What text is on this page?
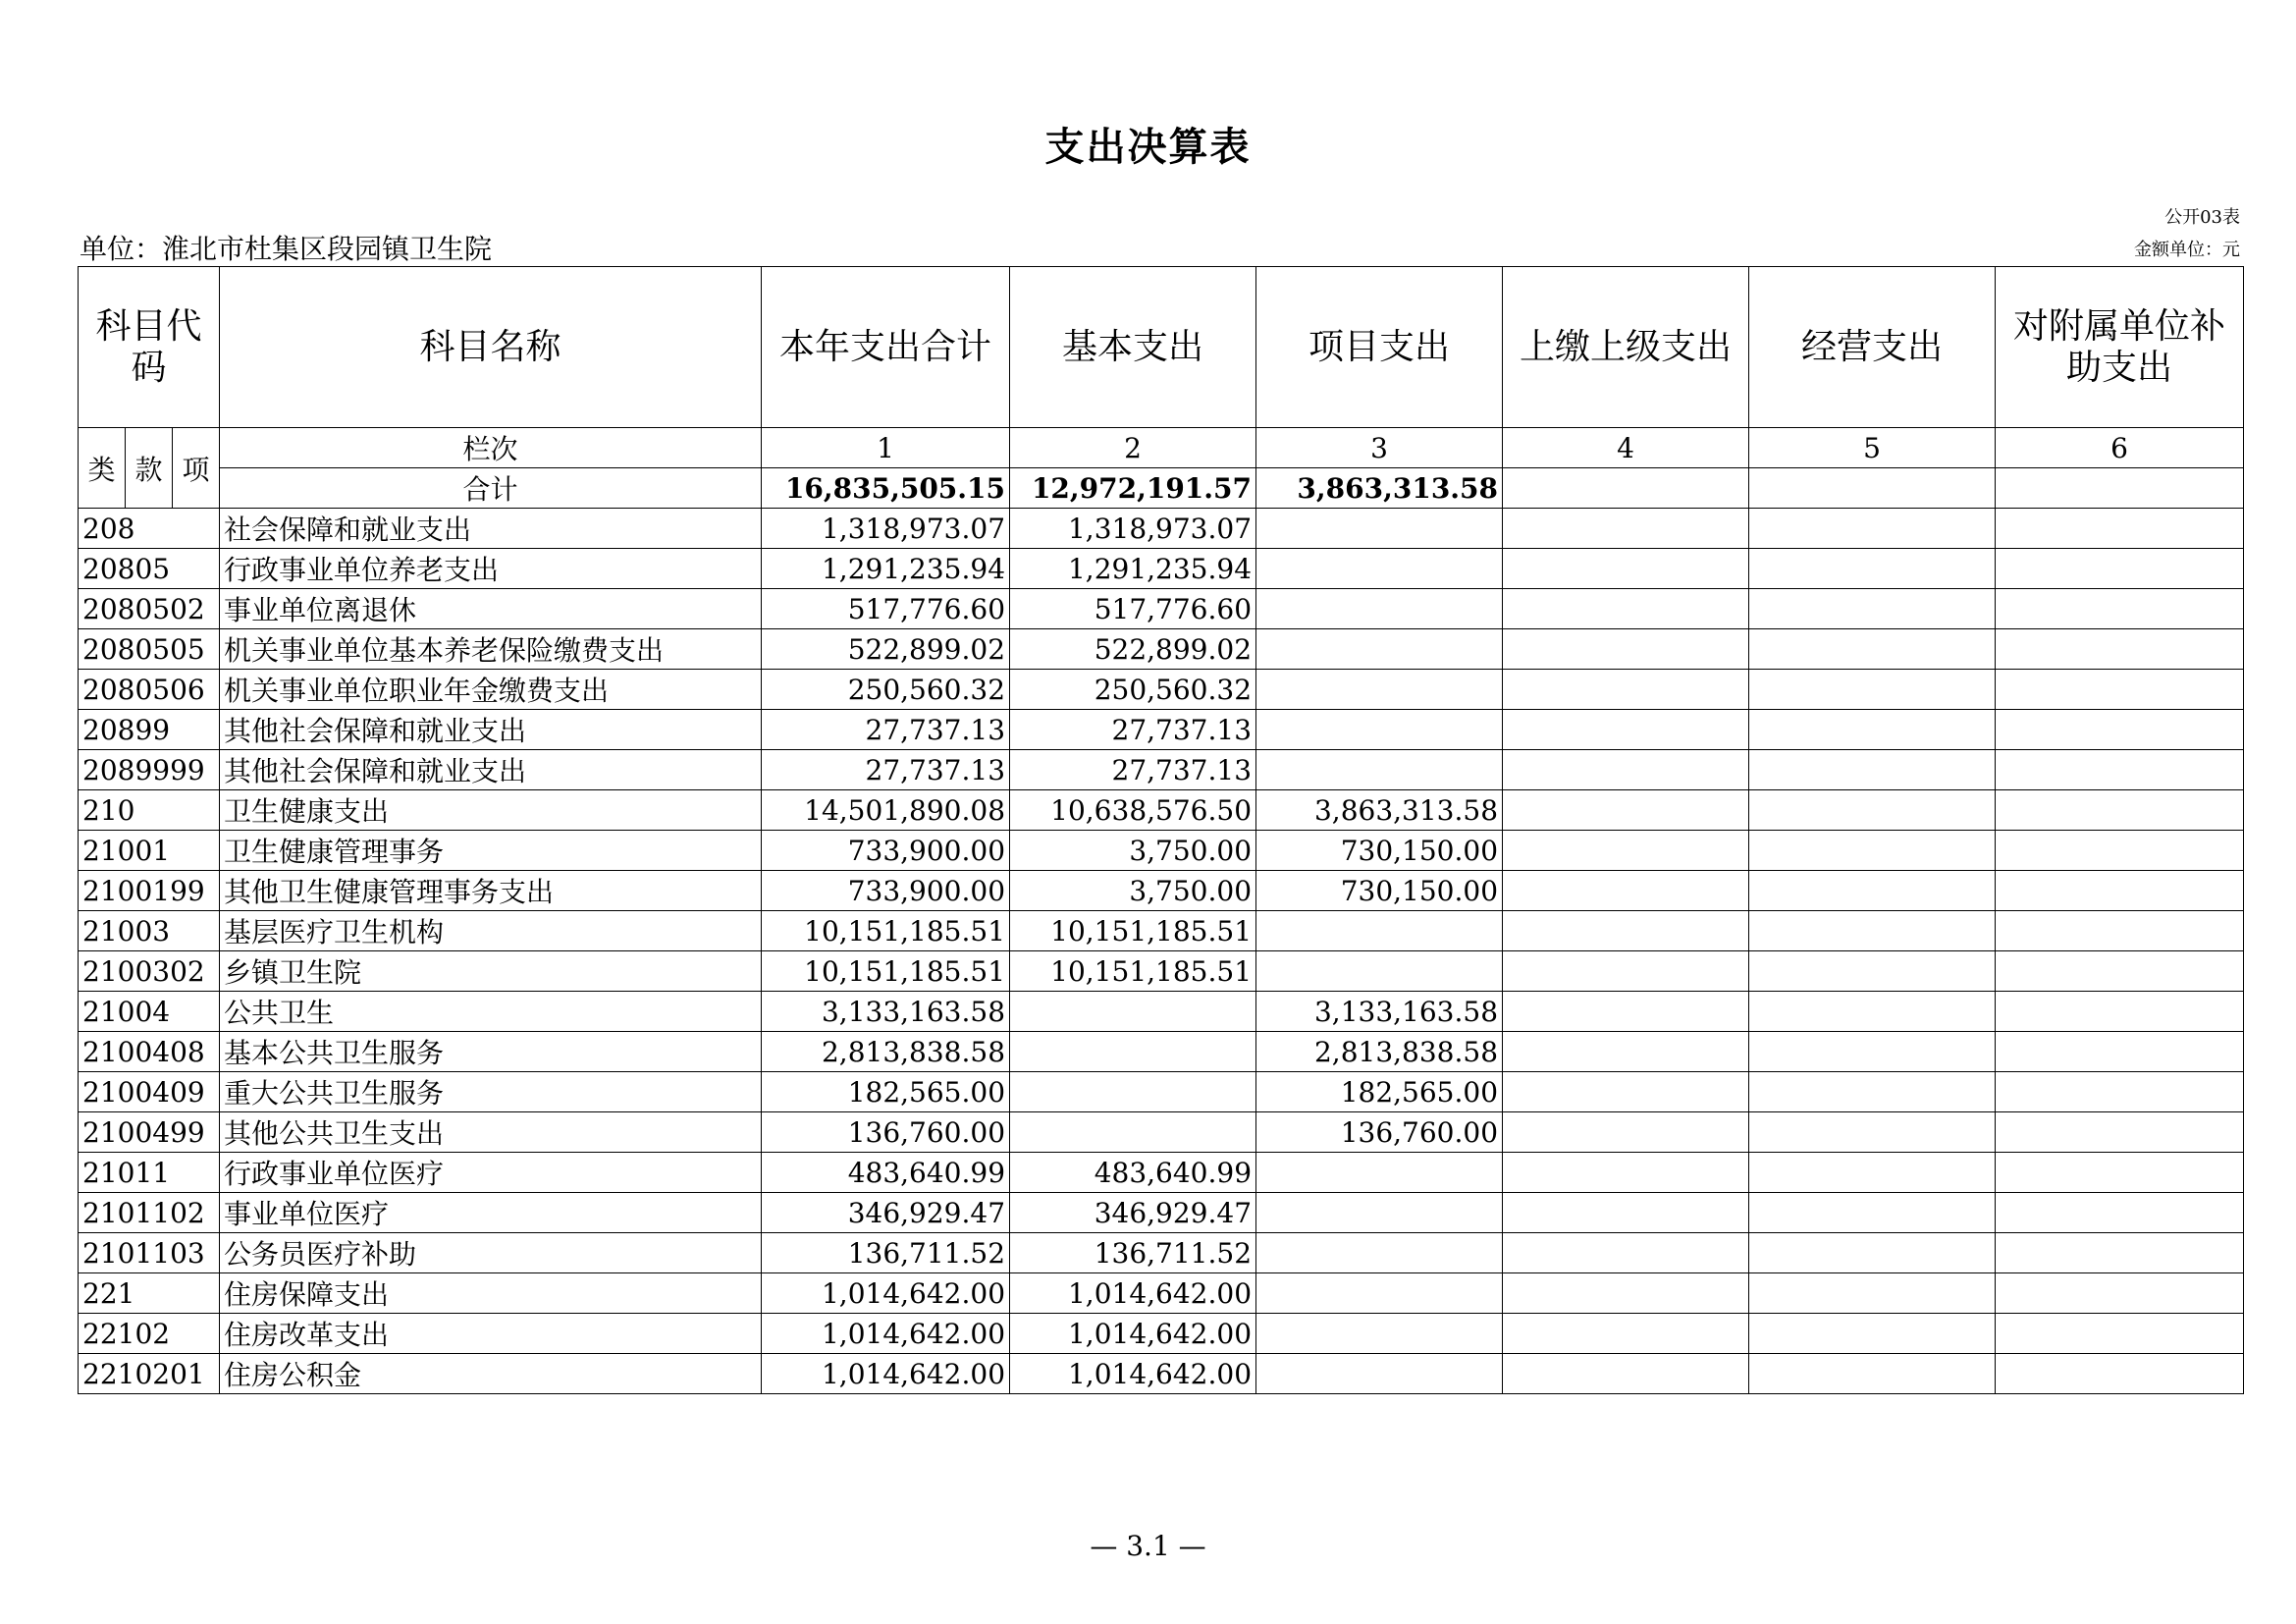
支出决算表
公开03表
单位：淮北市杜集区段园镇卫生院	金额单位：元
科目代码			科目名称	本年支出合计	基本支出	项目支出	上缴上级支出	经营支出	对附属单位补助支出
类	款	项	栏次	1	2	3	4	5	6
			合计	16,835,505.15	12,972,191.57	3,863,313.58			
208			社会保障和就业支出	1,318,973.07	1,318,973.07				
20805			行政事业单位养老支出	1,291,235.94	1,291,235.94				
2080502			事业单位离退休	517,776.60	517,776.60				
2080505			机关事业单位基本养老保险缴费支出	522,899.02	522,899.02				
2080506			机关事业单位职业年金缴费支出	250,560.32	250,560.32				
20899			其他社会保障和就业支出	27,737.13	27,737.13				
2089999			其他社会保障和就业支出	27,737.13	27,737.13				
210			卫生健康支出	14,501,890.08	10,638,576.50	3,863,313.58			
21001			卫生健康管理事务	733,900.00	3,750.00	730,150.00			
2100199			其他卫生健康管理事务支出	733,900.00	3,750.00	730,150.00			
21003			基层医疗卫生机构	10,151,185.51	10,151,185.51				
2100302			乡镇卫生院	10,151,185.51	10,151,185.51				
21004			公共卫生	3,133,163.58		3,133,163.58			
2100408			基本公共卫生服务	2,813,838.58		2,813,838.58			
2100409			重大公共卫生服务	182,565.00		182,565.00			
2100499			其他公共卫生支出	136,760.00		136,760.00			
21011			行政事业单位医疗	483,640.99	483,640.99				
2101102			事业单位医疗	346,929.47	346,929.47				
2101103			公务员医疗补助	136,711.52	136,711.52				
221			住房保障支出	1,014,642.00	1,014,642.00				
22102			住房改革支出	1,014,642.00	1,014,642.00				
2210201			住房公积金	1,014,642.00	1,014,642.00				
— 3.1 —
